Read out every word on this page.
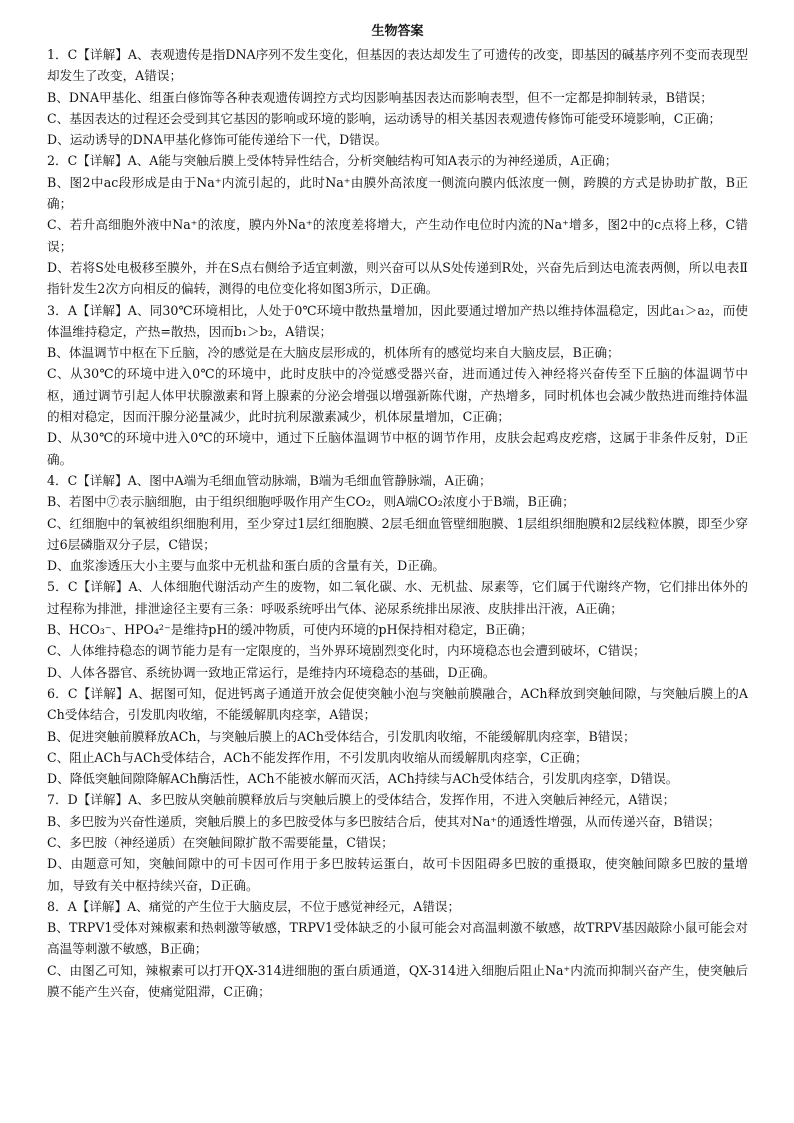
生物答案

1．C【详解】A、表观遗传是指DNA序列不发生变化，但基因的表达却发生了可遗传的改变，即基因的碱基序列不变而表现型却发生了改变，A错误；

B、DNA甲基化、组蛋白修饰等各种表观遗传调控方式均因影响基因表达而影响表型，但不一定都是抑制转录，B错误；

C、基因表达的过程还会受到其它基因的影响或环境的影响，运动诱导的相关基因表观遗传修饰可能受环境影响，C正确；

D、运动诱导的DNA甲基化修饰可能传递给下一代，D错误。

2．C【详解】A、A能与突触后膜上受体特异性结合，分析突触结构可知A表示的为神经递质，A正确；

B、图2中ac段形成是由于Na⁺内流引起的，此时Na⁺由膜外高浓度一侧流向膜内低浓度一侧，跨膜的方式是协助扩散，B正确；

C、若升高细胞外液中Na⁺的浓度，膜内外Na⁺的浓度差将增大，产生动作电位时内流的Na⁺增多，图2中的c点将上移，C错误；

D、若将S处电极移至膜外，并在S点右侧给予适宜刺激，则兴奋可以从S处传递到R处，兴奋先后到达电流表两侧，所以电表Ⅱ指针发生2次方向相反的偏转，测得的电位变化将如图3所示，D正确。

3．A【详解】A、同30℃环境相比，人处于0℃环境中散热量增加，因此要通过增加产热以维持体温稳定，因此a₁＞a₂，而使体温维持稳定，产热=散热，因而b₁＞b₂，A错误；

B、体温调节中枢在下丘脑，冷的感觉是在大脑皮层形成的，机体所有的感觉均来自大脑皮层，B正确；

C、从30℃的环境中进入0℃的环境中，此时皮肤中的冷觉感受器兴奋，进而通过传入神经将兴奋传至下丘脑的体温调节中枢，通过调节引起人体甲状腺激素和肾上腺素的分泌会增强以增强新陈代谢，产热增多，同时机体也会减少散热进而维持体温的相对稳定，因而汗腺分泌量减少，此时抗利尿激素减少，机体尿量增加，C正确；

D、从30℃的环境中进入0℃的环境中，通过下丘脑体温调节中枢的调节作用，皮肤会起鸡皮疙瘩，这属于非条件反射，D正确。

4．C【详解】A、图中A端为毛细血管动脉端，B端为毛细血管静脉端，A正确；

B、若图中⑦表示脑细胞，由于组织细胞呼吸作用产生CO₂，则A端CO₂浓度小于B端，B正确；

C、红细胞中的氧被组织细胞利用，至少穿过1层红细胞膜、2层毛细血管壁细胞膜、1层组织细胞膜和2层线粒体膜，即至少穿过6层磷脂双分子层，C错误；

D、血浆渗透压大小主要与血浆中无机盐和蛋白质的含量有关，D正确。

5．C【详解】A、人体细胞代谢活动产生的废物，如二氧化碳、水、无机盐、尿素等，它们属于代谢终产物，它们排出体外的过程称为排泄，排泄途径主要有三条：呼吸系统呼出气体、泌尿系统排出尿液、皮肤排出汗液，A正确；

B、HCO₃⁻、HPO₄²⁻是维持pH的缓冲物质，可使内环境的pH保持相对稳定，B正确；

C、人体维持稳态的调节能力是有一定限度的，当外界环境剧烈变化时，内环境稳态也会遭到破坏，C错误；

D、人体各器官、系统协调一致地正常运行，是维持内环境稳态的基础，D正确。

6．C【详解】A、据图可知，促进钙离子通道开放会促使突触小泡与突触前膜融合，ACh释放到突触间隙，与突触后膜上的ACh受体结合，引发肌肉收缩，不能缓解肌肉痉挛，A错误；

B、促进突触前膜释放ACh，与突触后膜上的ACh受体结合，引发肌肉收缩，不能缓解肌肉痉挛，B错误；

C、阻止ACh与ACh受体结合，ACh不能发挥作用，不引发肌肉收缩从而缓解肌肉痉挛，C正确；

D、降低突触间隙降解ACh酶活性，ACh不能被水解而灭活，ACh持续与ACh受体结合，引发肌肉痉挛，D错误。

7．D【详解】A、多巴胺从突触前膜释放后与突触后膜上的受体结合，发挥作用，不进入突触后神经元，A错误；

B、多巴胺为兴奋性递质，突触后膜上的多巴胺受体与多巴胺结合后，使其对Na⁺的通透性增强，从而传递兴奋，B错误；

C、多巴胺（神经递质）在突触间隙扩散不需要能量，C错误；

D、由题意可知，突触间隙中的可卡因可作用于多巴胺转运蛋白，故可卡因阻碍多巴胺的重摄取，使突触间隙多巴胺的量增加，导致有关中枢持续兴奋，D正确。

8．A【详解】A、痛觉的产生位于大脑皮层，不位于感觉神经元，A错误；

B、TRPV1受体对辣椒素和热刺激等敏感，TRPV1受体缺乏的小鼠可能会对高温刺激不敏感，故TRPV基因敲除小鼠可能会对高温等刺激不敏感，B正确；

C、由图乙可知，辣椒素可以打开QX-314进细胞的蛋白质通道，QX-314进入细胞后阻止Na⁺内流而抑制兴奋产生，使突触后膜不能产生兴奋，使痛觉阻滞，C正确；
